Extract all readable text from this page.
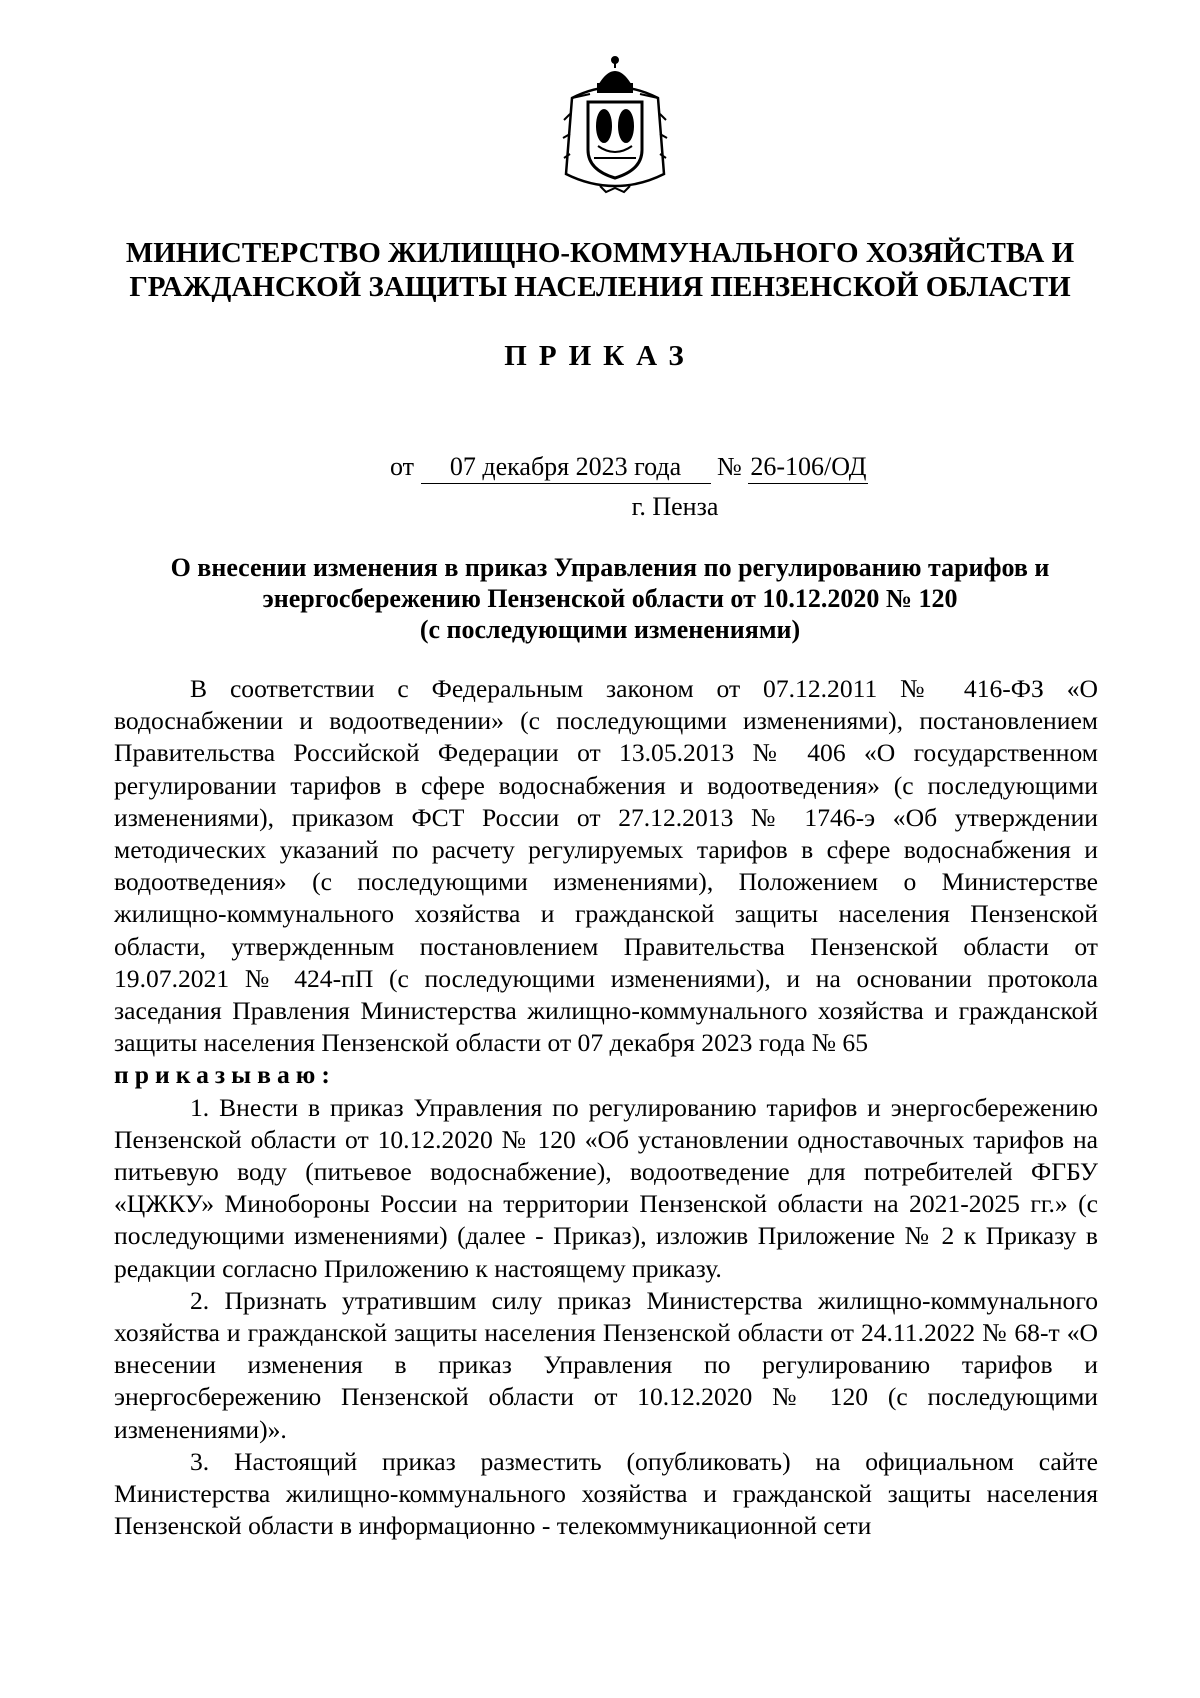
МИНИСТЕРСТВО ЖИЛИЩНО-КОММУНАЛЬНОГО ХОЗЯЙСТВА И
ГРАЖДАНСКОЙ ЗАЩИТЫ НАСЕЛЕНИЯ ПЕНЗЕНСКОЙ ОБЛАСТИ
ПРИКАЗ
от 07 декабря 2023 года № 26-106/ОД
г. Пенза
О внесении изменения в приказ Управления по регулированию тарифов и
энергосбережению Пензенской области от 10.12.2020 № 120
(с последующими изменениями)

В соответствии с Федеральным законом от 07.12.2011 № 416-ФЗ «О водоснабжении и водоотведении» (с последующими изменениями), постановлением Правительства Российской Федерации от 13.05.2013 № 406 «О государственном регулировании тарифов в сфере водоснабжения и водоотведения» (с последующими изменениями), приказом ФСТ России от 27.12.2013 № 1746-э «Об утверждении методических указаний по расчету регулируемых тарифов в сфере водоснабжения и водоотведения» (с последующими изменениями), Положением о Министерстве жилищно-коммунального хозяйства и гражданской защиты населения Пензенской области, утвержденным постановлением Правительства Пензенской области от 19.07.2021 № 424-пП (с последующими изменениями), и на основании протокола заседания Правления Министерства жилищно-коммунального хозяйства и гражданской защиты населения Пензенской области от 07 декабря 2023 года № 65

приказываю:

1. Внести в приказ Управления по регулированию тарифов и энергосбережению Пензенской области от 10.12.2020 № 120 «Об установлении одноставочных тарифов на питьевую воду (питьевое водоснабжение), водоотведение для потребителей ФГБУ «ЦЖКУ» Минобороны России на территории Пензенской области на 2021-2025 гг.» (с последующими изменениями) (далее - Приказ), изложив Приложение № 2 к Приказу в редакции согласно Приложению к настоящему приказу.

2. Признать утратившим силу приказ Министерства жилищно-коммунального хозяйства и гражданской защиты населения Пензенской области от 24.11.2022 № 68-т «О внесении изменения в приказ Управления по регулированию тарифов и энергосбережению Пензенской области от 10.12.2020 № 120 (с последующими изменениями)».

3. Настоящий приказ разместить (опубликовать) на официальном сайте Министерства жилищно-коммунального хозяйства и гражданской защиты населения Пензенской области в информационно - телекоммуникационной сети
